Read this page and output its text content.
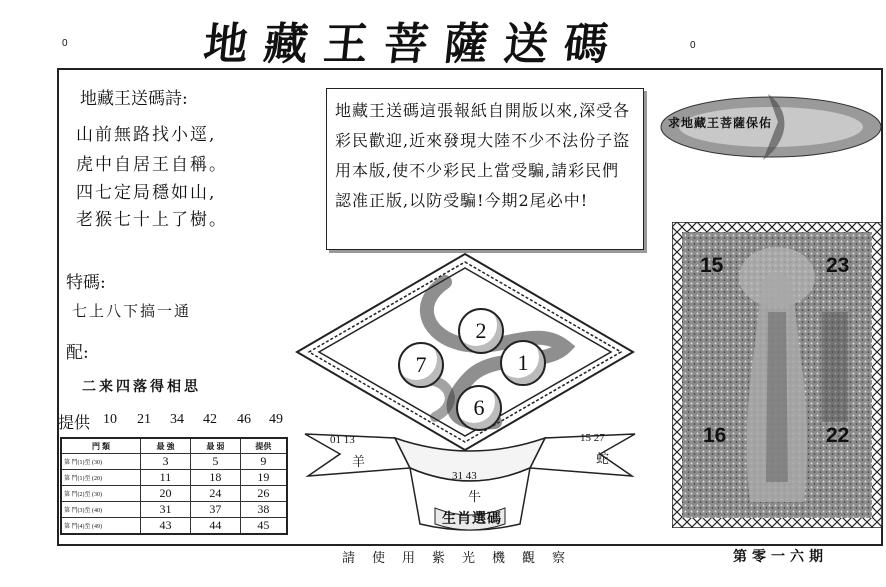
地藏王菩薩送碼
0	0
地藏王送碼詩:
山前無路找小逕,
虎中自居王自稱。
四七定局穩如山,
老猴七十上了樹。
特碼:
七上八下搞一通
配:
二来四落得相思
地藏王送碼這張報紙自開版以來,深受各彩民歡迎,近來發現大陸不少不法份子盜用本版,使不少彩民上當受騙,請彩民們認准正版,以防受騙!今期2尾必中!
提供 10 21 34 42 46 49
門 類	最 強	最 弱	提供
第 門(1)至 (30)	3	5	9
第 門(1)至 (20)	11	18	19
第 門(2)至 (30)	20	24	26
第 門(3)至 (40)	31	37	38
第 門(4)至 (49)	43	44	45
2
7	1
6
01 13
羊
15 27
蛇
31 43
牛
生肖選碼
求地藏王菩薩保佑
15	23
16	22
請使用紫光機觀察	第零一六期
